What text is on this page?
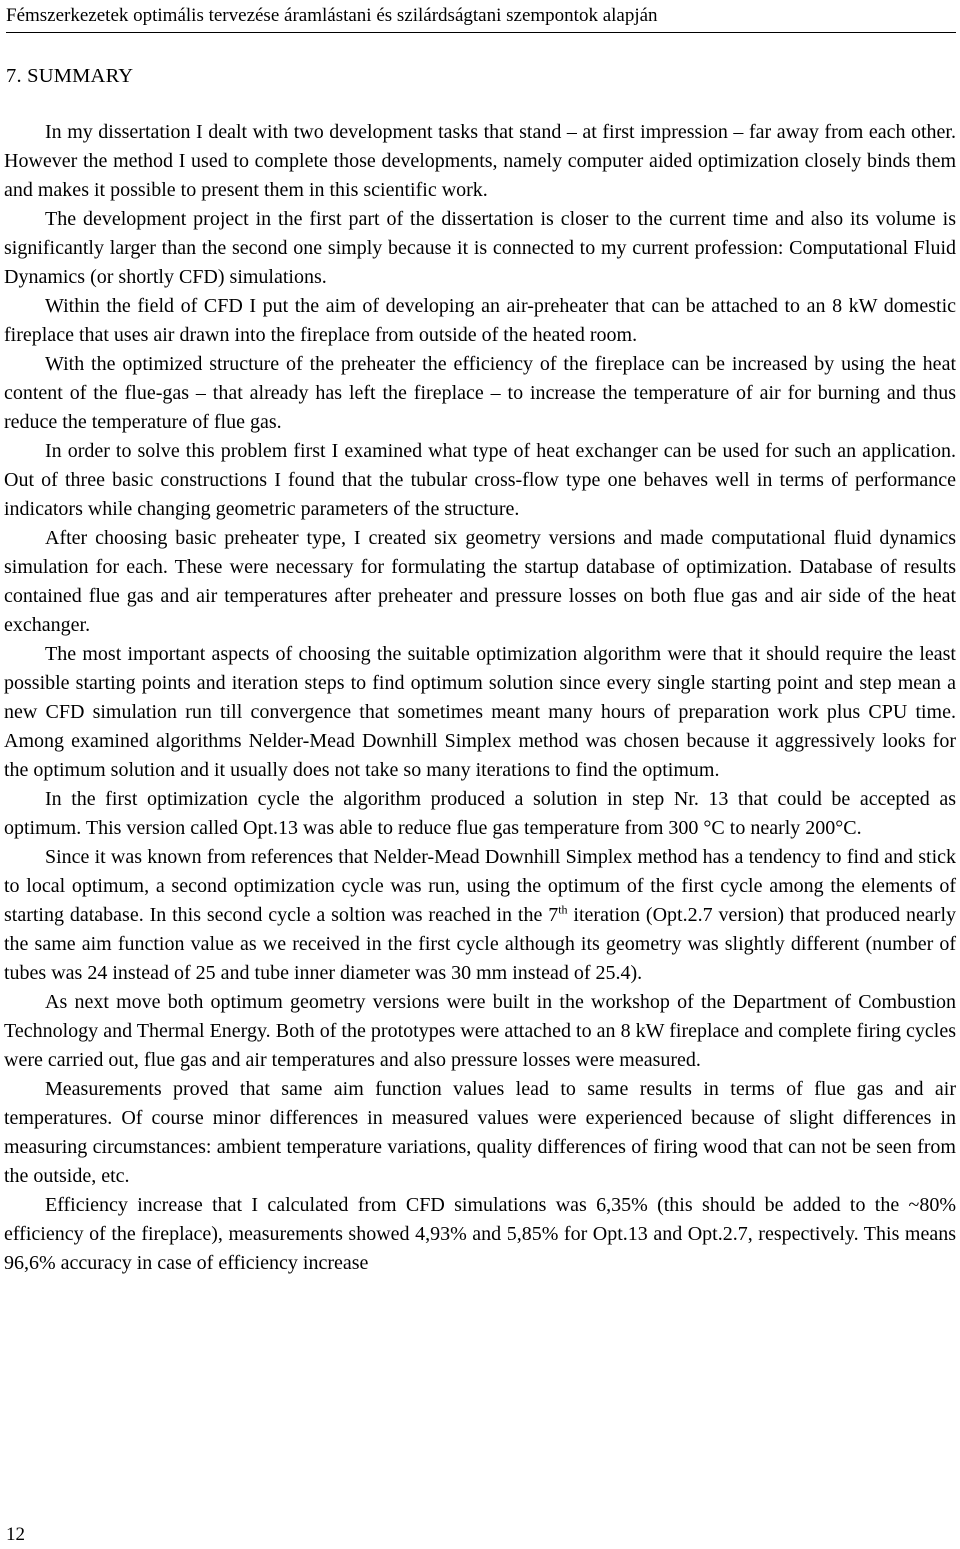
Fémszerkezetek optimális tervezése áramlástani és szilárdságtani szempontok alapján
7. SUMMARY

In my dissertation I dealt with two development tasks that stand – at first impression – far away from each other. However the method I used to complete those developments, namely computer aided optimization closely binds them and makes it possible to present them in this scientific work.

The development project in the first part of the dissertation is closer to the current time and also its volume is significantly larger than the second one simply because it is connected to my current profession: Computational Fluid Dynamics (or shortly CFD) simulations.

Within the field of CFD I put the aim of developing an air-preheater that can be attached to an 8 kW domestic fireplace that uses air drawn into the fireplace from outside of the heated room.

With the optimized structure of the preheater the efficiency of the fireplace can be increased by using the heat content of the flue-gas – that already has left the fireplace – to increase the temperature of air for burning and thus reduce the temperature of flue gas.

In order to solve this problem first I examined what type of heat exchanger can be used for such an application. Out of three basic constructions I found that the tubular cross-flow type one behaves well in terms of performance indicators while changing geometric parameters of the structure.

After choosing basic preheater type, I created six geometry versions and made computational fluid dynamics simulation for each. These were necessary for formulating the startup database of optimization. Database of results contained flue gas and air temperatures after preheater and pressure losses on both flue gas and air side of the heat exchanger.

The most important aspects of choosing the suitable optimization algorithm were that it should require the least possible starting points and iteration steps to find optimum solution since every single starting point and step mean a new CFD simulation run till convergence that sometimes meant many hours of preparation work plus CPU time. Among examined algorithms Nelder-Mead Downhill Simplex method was chosen because it aggressively looks for the optimum solution and it usually does not take so many iterations to find the optimum.

In the first optimization cycle the algorithm produced a solution in step Nr. 13 that could be accepted as optimum. This version called Opt.13 was able to reduce flue gas temperature from 300 °C to nearly 200°C.

Since it was known from references that Nelder-Mead Downhill Simplex method has a tendency to find and stick to local optimum, a second optimization cycle was run, using the optimum of the first cycle among the elements of starting database. In this second cycle a soltion was reached in the 7th iteration (Opt.2.7 version) that produced nearly the same aim function value as we received in the first cycle although its geometry was slightly different (number of tubes was 24 instead of 25 and tube inner diameter was 30 mm instead of 25.4).

As next move both optimum geometry versions were built in the workshop of the Department of Combustion Technology and Thermal Energy. Both of the prototypes were attached to an 8 kW fireplace and complete firing cycles were carried out, flue gas and air temperatures and also pressure losses were measured.

Measurements proved that same aim function values lead to same results in terms of flue gas and air temperatures. Of course minor differences in measured values were experienced because of slight differences in measuring circumstances: ambient temperature variations, quality differences of firing wood that can not be seen from the outside, etc.

Efficiency increase that I calculated from CFD simulations was 6,35% (this should be added to the ~80% efficiency of the fireplace), measurements showed 4,93% and 5,85% for Opt.13 and Opt.2.7, respectively. This means 96,6% accuracy in case of efficiency increase

12
